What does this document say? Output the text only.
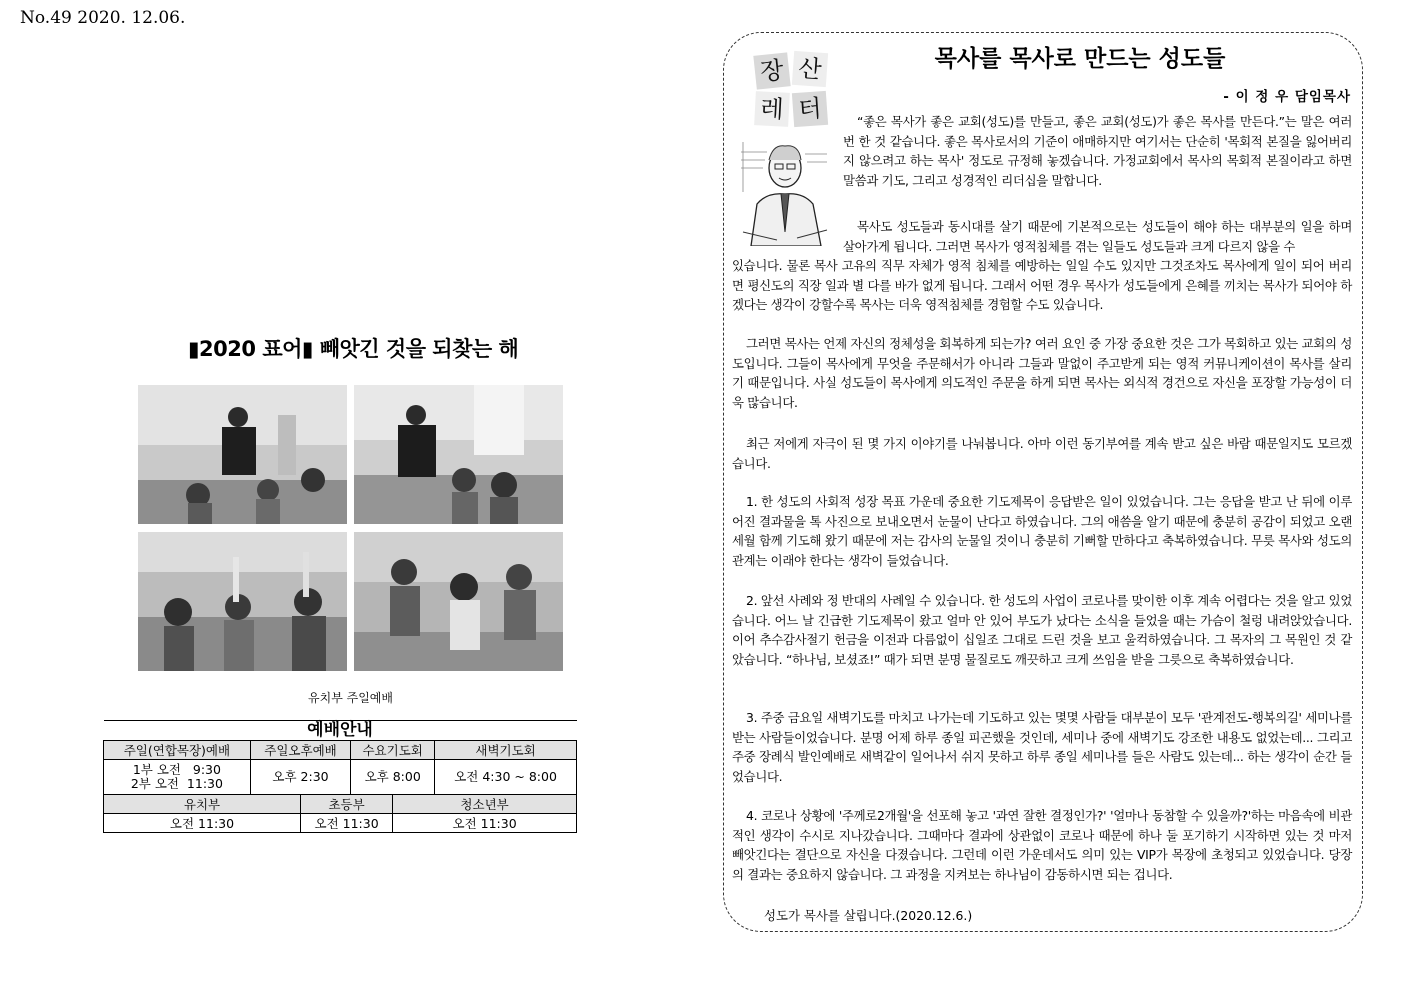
No.49 2020. 12.06.
▮2020 표어▮ 빼앗긴 것을 되찾는 해
유치부 주일예배
예배안내					
주일(연합목장)예배	주일오후예배		수요기도회		새벽기도회

1부 오전   9:30
2부 오전  11:30	오후 2:30		오후 8:00		오전 4:30 ~ 8:00
유치부		초등부		청소년부	
오전 11:30		오전 11:30		오전 11:30	
장 산
레 터
목사를 목사로 만드는 성도들
- 이 정 우 담임목사
“좋은 목사가 좋은 교회(성도)를 만들고, 좋은 교회(성도)가 좋은 목사를 만든다.”는 말은 여러 번 한 것 같습니다. 좋은 목사로서의 기준이 애매하지만 여기서는 단순히 '목회적 본질을 잃어버리지 않으려고 하는 목사' 정도로 규정해 놓겠습니다. 가정교회에서 목사의 목회적 본질이라고 하면 말씀과 기도, 그리고 성경적인 리더십을 말합니다.
목사도 성도들과 동시대를 살기 때문에 기본적으로는 성도들이 해야 하는 대부분의 일을 하며 살아가게 됩니다. 그러면 목사가 영적침체를 겪는 일들도 성도들과 크게 다르지 않을 수
있습니다. 물론 목사 고유의 직무 자체가 영적 침체를 예방하는 일일 수도 있지만 그것조차도 목사에게 일이 되어 버리면 평신도의 직장 일과 별 다를 바가 없게 됩니다. 그래서 어떤 경우 목사가 성도들에게 은혜를 끼치는 목사가 되어야 하겠다는 생각이 강할수록 목사는 더욱 영적침체를 경험할 수도 있습니다.
그러면 목사는 언제 자신의 정체성을 회복하게 되는가? 여러 요인 중 가장 중요한 것은 그가 목회하고 있는 교회의 성도입니다. 그들이 목사에게 무엇을 주문해서가 아니라 그들과 말없이 주고받게 되는 영적 커뮤니케이션이 목사를 살리기 때문입니다. 사실 성도들이 목사에게 의도적인 주문을 하게 되면 목사는 외식적 경건으로 자신을 포장할 가능성이 더욱 많습니다.
최근 저에게 자극이 된 몇 가지 이야기를 나눠봅니다. 아마 이런 동기부여를 계속 받고 싶은 바람 때문일지도 모르겠습니다.
1. 한 성도의 사회적 성장 목표 가운데 중요한 기도제목이 응답받은 일이 있었습니다. 그는 응답을 받고 난 뒤에 이루어진 결과물을 톡 사진으로 보내오면서 눈물이 난다고 하였습니다. 그의 애씀을 알기 때문에 충분히 공감이 되었고 오랜 세월 함께 기도해 왔기 때문에 저는 감사의 눈물일 것이니 충분히 기뻐할 만하다고 축복하였습니다. 무릇 목사와 성도의 관계는 이래야 한다는 생각이 들었습니다.
2. 앞선 사례와 정 반대의 사례일 수 있습니다. 한 성도의 사업이 코로나를 맞이한 이후 계속 어렵다는 것을 알고 있었습니다. 어느 날 긴급한 기도제목이 왔고 얼마 안 있어 부도가 났다는 소식을 들었을 때는 가슴이 철렁 내려앉았습니다. 이어 추수감사절기 헌금을 이전과 다름없이 십일조 그대로 드린 것을 보고 울컥하였습니다. 그 목자의 그 목원인 것 같았습니다. “하나님, 보셨죠!” 때가 되면 분명 물질로도 깨끗하고 크게 쓰임을 받을 그릇으로 축복하였습니다.
3. 주중 금요일 새벽기도를 마치고 나가는데 기도하고 있는 몇몇 사람들 대부분이 모두 '관계전도-행복의길' 세미나를 받는 사람들이었습니다. 분명 어제 하루 종일 피곤했을 것인데, 세미나 중에 새벽기도 강조한 내용도 없었는데... 그리고 주중 장례식 발인예배로 새벽같이 일어나서 쉬지 못하고 하루 종일 세미나를 들은 사람도 있는데... 하는 생각이 순간 들었습니다.
4. 코로나 상황에 '주께로2개월'을 선포해 놓고 '과연 잘한 결정인가?' '얼마나 동참할 수 있을까?'하는 마음속에 비관적인 생각이 수시로 지나갔습니다. 그때마다 결과에 상관없이 코로나 때문에 하나 둘 포기하기 시작하면 있는 것 마저 빼앗긴다는 결단으로 자신을 다졌습니다. 그런데 이런 가운데서도 의미 있는 VIP가 목장에 초청되고 있었습니다. 당장의 결과는 중요하지 않습니다. 그 과정을 지켜보는 하나님이 감동하시면 되는 겁니다.
성도가 목사를 살립니다.(2020.12.6.)
